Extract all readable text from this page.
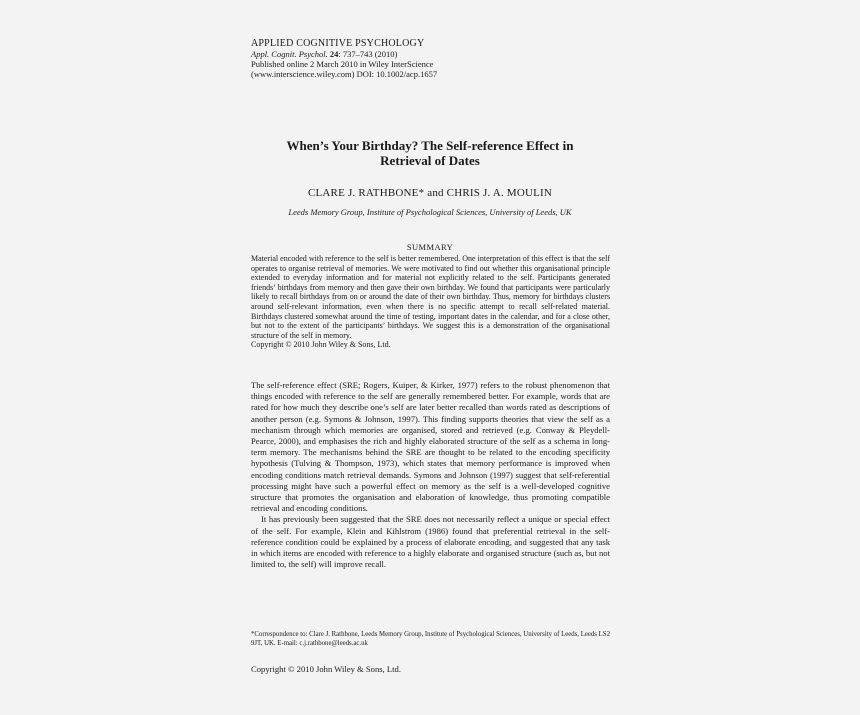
APPLIED COGNITIVE PSYCHOLOGY
Appl. Cognit. Psychol. 24: 737–743 (2010)
Published online 2 March 2010 in Wiley InterScience
(www.interscience.wiley.com) DOI: 10.1002/acp.1657
When’s Your Birthday? The Self-reference Effect in
Retrieval of Dates
CLARE J. RATHBONE* and CHRIS J. A. MOULIN
Leeds Memory Group, Institute of Psychological Sciences, University of Leeds, UK
SUMMARY
Material encoded with reference to the self is better remembered. One interpretation of this effect is that the self operates to organise retrieval of memories. We were motivated to find out whether this organisational principle extended to everyday information and for material not explicitly related to the self. Participants generated friends’ birthdays from memory and then gave their own birthday. We found that participants were particularly likely to recall birthdays from on or around the date of their own birthday. Thus, memory for birthdays clusters around self-relevant information, even when there is no specific attempt to recall self-related material. Birthdays clustered somewhat around the time of testing, important dates in the calendar, and for a close other, but not to the extent of the participants’ birthdays. We suggest this is a demonstration of the organisational structure of the self in memory.
Copyright © 2010 John Wiley & Sons, Ltd.

The self-reference effect (SRE; Rogers, Kuiper, & Kirker, 1977) refers to the robust phenomenon that things encoded with reference to the self are generally remembered better. For example, words that are rated for how much they describe one’s self are later better recalled than words rated as descriptions of another person (e.g. Symons & Johnson, 1997). This finding supports theories that view the self as a mechanism through which memories are organised, stored and retrieved (e.g. Conway & Pleydell-Pearce, 2000), and emphasises the rich and highly elaborated structure of the self as a schema in long-term memory. The mechanisms behind the SRE are thought to be related to the encoding specificity hypothesis (Tulving & Thompson, 1973), which states that memory performance is improved when encoding conditions match retrieval demands. Symons and Johnson (1997) suggest that self-referential processing might have such a powerful effect on memory as the self is a well-developed cognitive structure that promotes the organisation and elaboration of knowledge, thus promoting compatible retrieval and encoding conditions.

It has previously been suggested that the SRE does not necessarily reflect a unique or special effect of the self. For example, Klein and Kihlstrom (1986) found that preferential retrieval in the self-reference condition could be explained by a process of elaborate encoding, and suggested that any task in which items are encoded with reference to a highly elaborate and organised structure (such as, but not limited to, the self) will improve recall.

*Correspondence to: Clare J. Rathbone, Leeds Memory Group, Institute of Psychological Sciences, University of Leeds, Leeds LS2 9JT, UK. E-mail: c.j.rathbone@leeds.ac.uk
Copyright © 2010 John Wiley & Sons, Ltd.
